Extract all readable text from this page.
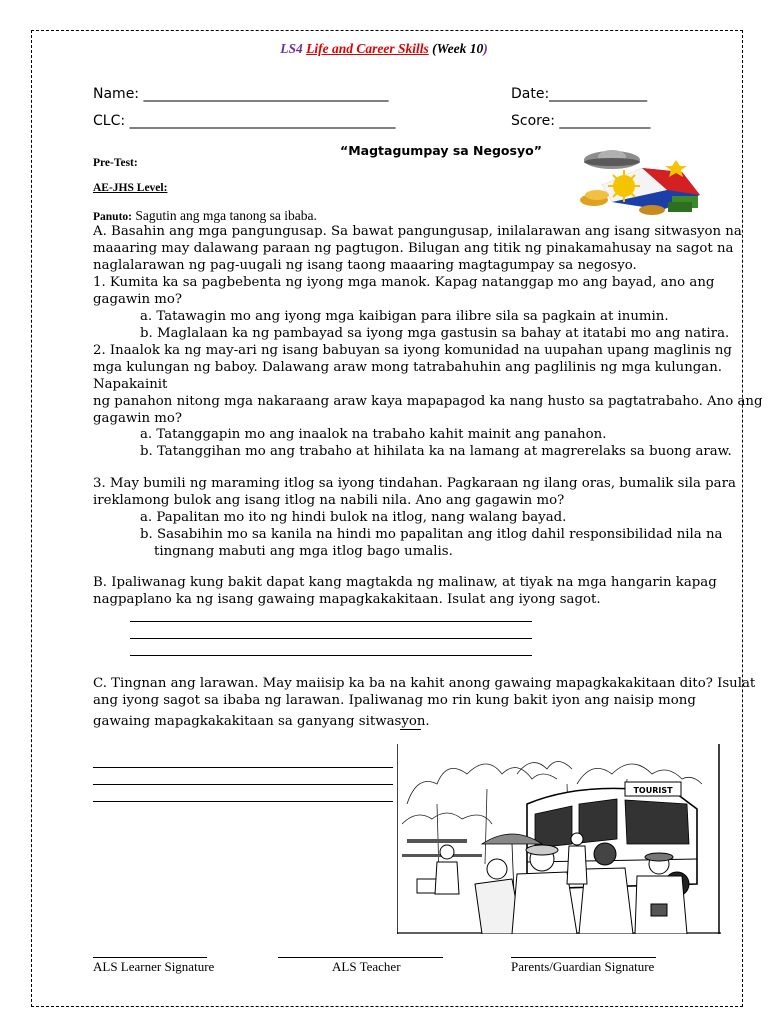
LS4 Life and Career Skills (Week 10)
Name: ___________________________________	Date:______________
CLC: ______________________________________	Score: _____________
“Magtagumpay sa Negosyo”
Pre-Test:
AE-JHS Level:
Panuto: Sagutin ang mga tanong sa ibaba.
A. Basahin ang mga pangungusap. Sa bawat pangungusap, inilalarawan ang isang sitwasyon na
maaaring may dalawang paraan ng pagtugon. Bilugan ang titik ng pinakamahusay na sagot na
naglalarawan ng pag-uugali ng isang taong maaaring magtagumpay sa negosyo.
1. Kumita ka sa pagbebenta ng iyong mga manok. Kapag natanggap mo ang bayad, ano ang
gagawin mo?
a. Tatawagin mo ang iyong mga kaibigan para ilibre sila sa pagkain at inumin.
b. Maglalaan ka ng pambayad sa iyong mga gastusin sa bahay at itatabi mo ang natira.
2. Inaalok ka ng may-ari ng isang babuyan sa iyong komunidad na uupahan upang maglinis ng
mga kulungan ng baboy. Dalawang araw mong tatrabahuhin ang paglilinis ng mga kulungan.
Napakainit
ng panahon nitong mga nakaraang araw kaya mapapagod ka nang husto sa pagtatrabaho. Ano ang
gagawin mo?
a. Tatanggapin mo ang inaalok na trabaho kahit mainit ang panahon.
b. Tatanggihan mo ang trabaho at hihilata ka na lamang at magrerelaks sa buong araw.
3. May bumili ng maraming itlog sa iyong tindahan. Pagkaraan ng ilang oras, bumalik sila para
ireklamong bulok ang isang itlog na nabili nila. Ano ang gagawin mo?
a. Papalitan mo ito ng hindi bulok na itlog, nang walang bayad.
b. Sasabihin mo sa kanila na hindi mo papalitan ang itlog dahil responsibilidad nila na
tingnang mabuti ang mga itlog bago umalis.
B. Ipaliwanag kung bakit dapat kang magtakda ng malinaw, at tiyak na mga hangarin kapag
nagpaplano ka ng isang gawaing mapagkakakitaan. Isulat ang iyong sagot.
C. Tingnan ang larawan. May maiisip ka ba na kahit anong gawaing mapagkakakitaan dito? Isulat
ang iyong sagot sa ibaba ng larawan. Ipaliwanag mo rin kung bakit iyon ang naisip mong
gawaing mapagkakakitaan sa ganyang sitwasyon.
TOURIST
ALS Learner Signature	ALS Teacher	Parents/Guardian Signature
